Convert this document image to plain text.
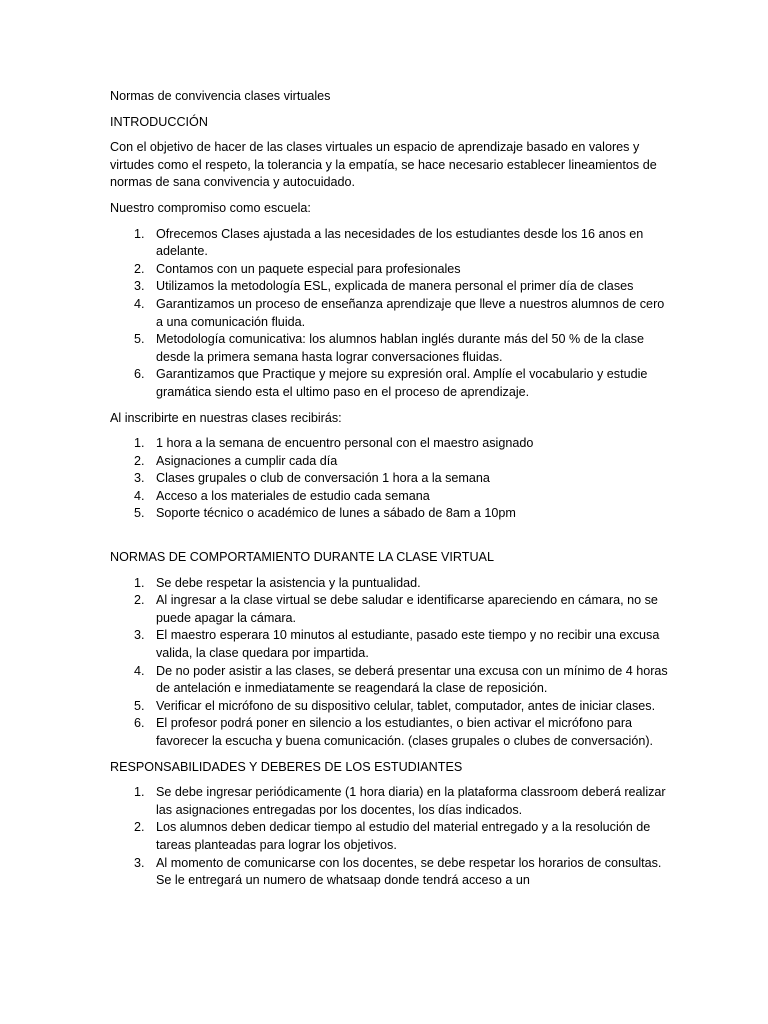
Normas de convivencia clases virtuales

INTRODUCCIÓN

Con el objetivo de hacer de las clases virtuales un espacio de aprendizaje basado en valores y virtudes como el respeto, la tolerancia y la empatía, se hace necesario establecer lineamientos de normas de sana convivencia y autocuidado.

Nuestro compromiso como escuela:

1. Ofrecemos Clases ajustada a las necesidades de los estudiantes desde los 16 anos en adelante.
2. Contamos con un paquete especial para profesionales
3. Utilizamos la metodología ESL, explicada de manera personal el primer día de clases
4. Garantizamos un proceso de enseñanza aprendizaje que lleve a nuestros alumnos de cero a una comunicación fluida.
5. Metodología comunicativa: los alumnos hablan inglés durante más del 50 % de la clase desde la primera semana hasta lograr conversaciones fluidas.
6. Garantizamos que Practique y mejore su expresión oral. Amplíe el vocabulario y estudie gramática siendo esta el ultimo paso en el proceso de aprendizaje.

Al inscribirte en nuestras clases recibirás:

1. 1 hora a la semana de encuentro personal con el maestro asignado
2. Asignaciones a cumplir cada día
3. Clases grupales o club de conversación 1 hora a la semana
4. Acceso a los materiales de estudio cada semana
5. Soporte técnico o académico de lunes a sábado de 8am a 10pm

NORMAS DE COMPORTAMIENTO DURANTE LA CLASE VIRTUAL

1. Se debe respetar la asistencia y la puntualidad.
2. Al ingresar a la clase virtual se debe saludar e identificarse apareciendo en cámara, no se puede apagar la cámara.
3. El maestro esperara 10 minutos al estudiante, pasado este tiempo y no recibir una excusa valida, la clase quedara por impartida.
4. De no poder asistir a las clases, se deberá presentar una excusa con un mínimo de 4 horas de antelación e inmediatamente se reagendará la clase de reposición.
5. Verificar el micrófono de su dispositivo celular, tablet, computador, antes de iniciar clases.
6. El profesor podrá poner en silencio a los estudiantes, o bien activar el micrófono para favorecer la escucha y buena comunicación. (clases grupales o clubes de conversación).

RESPONSABILIDADES Y DEBERES DE LOS ESTUDIANTES

1. Se debe ingresar periódicamente (1 hora diaria) en la plataforma classroom deberá realizar las asignaciones entregadas por los docentes, los días indicados.
2. Los alumnos deben dedicar tiempo al estudio del material entregado y a la resolución de tareas planteadas para lograr los objetivos.
3. Al momento de comunicarse con los docentes, se debe respetar los horarios de consultas. Se le entregará un numero de whatsaap donde tendrá acceso a un
